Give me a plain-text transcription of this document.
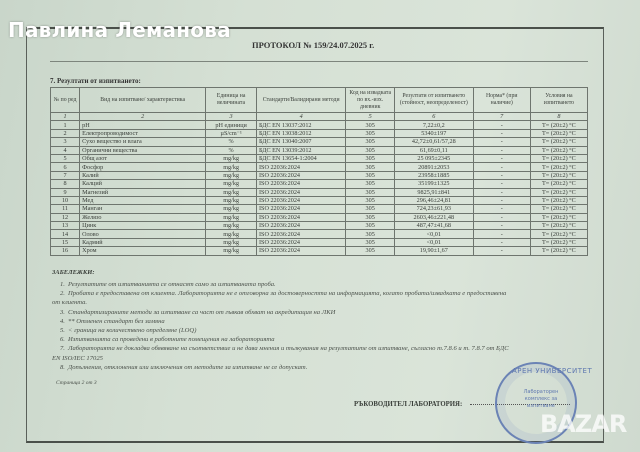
Павлина Леманова
ПРОТОКОЛ № 159/24.07.2025 г.
7. Резултати от изпитването:
№ по ред	Вид на изпитване/ характеристика	Единица на величината	Стандарти/Валидирани методи	Код на извадката по вх.-изх. дневник	Резултати от изпитването (стойност, неопределеност)	Норма* (при наличие)	Условия на изпитването
1	2	3	4	5	6	7	8
1	pH	pH единици	БДС EN 13037:2012	305	7,22±0,2	-	T= (20±2) °C
2	Електропроводимост	µS/cm⁻¹	БДС EN 13038:2012	305	5340±197	-	T= (20±2) °C
3	Сухо вещество и влага	%	БДС EN 13040:2007	305	42,72±0,61/57,28	-	T= (20±2) °C
4	Органични вещества	%	БДС EN 13039:2012	305	61,69±0,11	-	T= (20±2) °C
5	Общ азот	mg/kg	БДС EN 13654-1:2004	305	25 095±2345	-	T= (20±2) °C
6	Фосфор	mg/kg	ISO 22036:2024	305	20891±2053	-	T= (20±2) °C
7	Калий	mg/kg	ISO 22036:2024	305	23958±1885	-	T= (20±2) °C
8	Калций	mg/kg	ISO 22036:2024	305	35199±1325	-	T= (20±2) °C
9	Магнезий	mg/kg	ISO 22036:2024	305	9825,91±841	-	T= (20±2) °C
10	Мед	mg/kg	ISO 22036:2024	305	296,46±24,81	-	T= (20±2) °C
11	Манган	mg/kg	ISO 22036:2024	305	724,23±61,93	-	T= (20±2) °C
12	Желязо	mg/kg	ISO 22036:2024	305	2603,46±221,48	-	T= (20±2) °C
13	Цинк	mg/kg	ISO 22036:2024	305	487,47±41,68	-	T= (20±2) °C
14	Олово	mg/kg	ISO 22036:2024	305	<0,01	-	T= (20±2) °C
15	Кадмий	mg/kg	ISO 22036:2024	305	<0,01	-	T= (20±2) °C
16	Хром	mg/kg	ISO 22036:2024	305	19,90±1,67	-	T= (20±2) °C
ЗАБЕЛЕЖКИ:
1. Резултатите от изпитванията се отнасят само за изпитваната проба.
2. Пробата е предоставена от клиента. Лабораторията не е отговорна за достоверността на информацията, когато пробата/извадката е предоставена
от клиента.
3. Стандартизираните методи за изпитване са част от гъвкав обхват на акредитация на ЛКИ
4. ** Отменен стандарт без замяна
5. < граница на количествено определяне (LOQ)
6. Изпитванията са проведени в работните помещения на лабораторията
7. Лабораторията не докладва обявяване на съответствие и не дава мнения и тълкувания на резултатите от изпитване, съгласно т.7.8.6 и т. 7.8.7 от БДС
EN ISO/IEC 17025
8. Допълнения, отклонения или изключения от методите за изпитване не се допускат.
Страница 2 от 3
РЪКОВОДИТЕЛ ЛАБОРАТОРИЯ:
АРЕН УНИВЕРСИТЕТ
Лабораторен комплекс за изпитване
BAZAR
